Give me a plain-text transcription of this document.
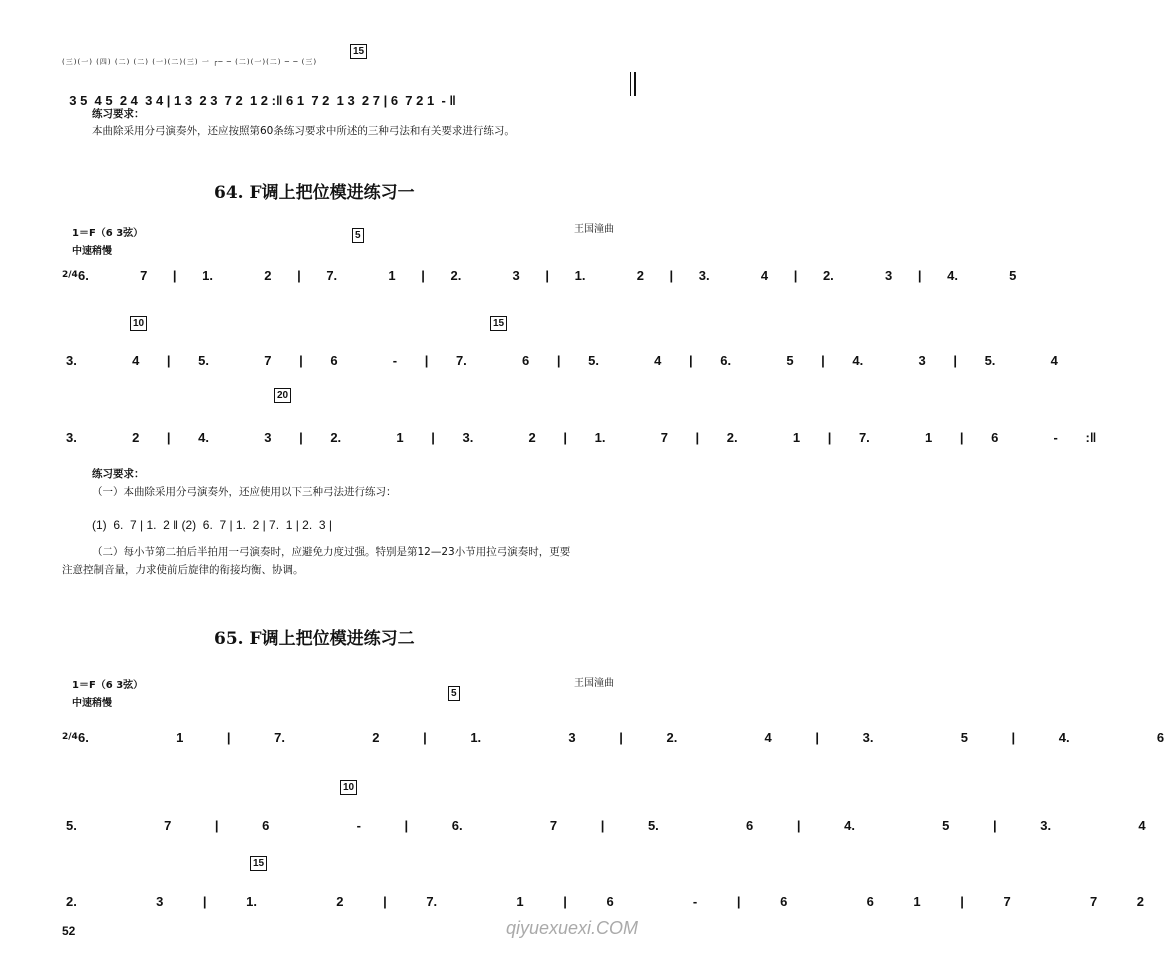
(三)(一) (四) (二) (二) (一)(二)(三) 一 ┌─ ─ (二)(一)(二) ─ ─ (三)

3 5  4 5  2 4  3 4 | 1 3  2 3  7 2  1 2 :‖ 6 1  7 2  1 3  2 7 | 6  7 2 1  - ‖

15
练习要求：
本曲除采用分弓演奏外，还应按照第60条练习要求中所述的三种弓法和有关要求进行练习。
64. F调上把位模进练习一
1＝F（6 3弦）	王国潼曲
中速稍慢
2/4 6.  7 | 1.  2 | 7.  1 | 2.  3 | 1.  2 | 3.  4 | 2.  3 | 4.  5
5
3.  4 | 5.  7 | 6  - | 7.  6 | 5.  4 | 6.  5 | 4.  3 | 5.  4
10	15
3.  2 | 4.  3 | 2.  1 | 3.  2 | 1.  7 | 2.  1 | 7.  1 | 6  - :‖
20
练习要求：
（一）本曲除采用分弓演奏外，还应使用以下三种弓法进行练习：
(1)  6.  7 | 1.  2 ‖ (2)  6.  7 | 1.  2 | 7.  1 | 2.  3 |
（二）每小节第二拍后半拍用一弓演奏时，应避免力度过强。特别是第12—23小节用拉弓演奏时，更要
注意控制音量，力求使前后旋律的衔接均衡、协调。
65. F调上把位模进练习二
1＝F（6 3弦）	王国潼曲
中速稍慢
2/4 6.  1 | 7.  2 | 1.  3 | 2.  4 | 3.  5 | 4.  6
5
5.  7 | 6  - | 6.  7 | 5.  6 | 4.  5 | 3.  4
10
2.  3 | 1.  2 | 7.  1 | 6  - | 6  6 1 | 7  7 2
15
52	qiyuexuexi.COM
